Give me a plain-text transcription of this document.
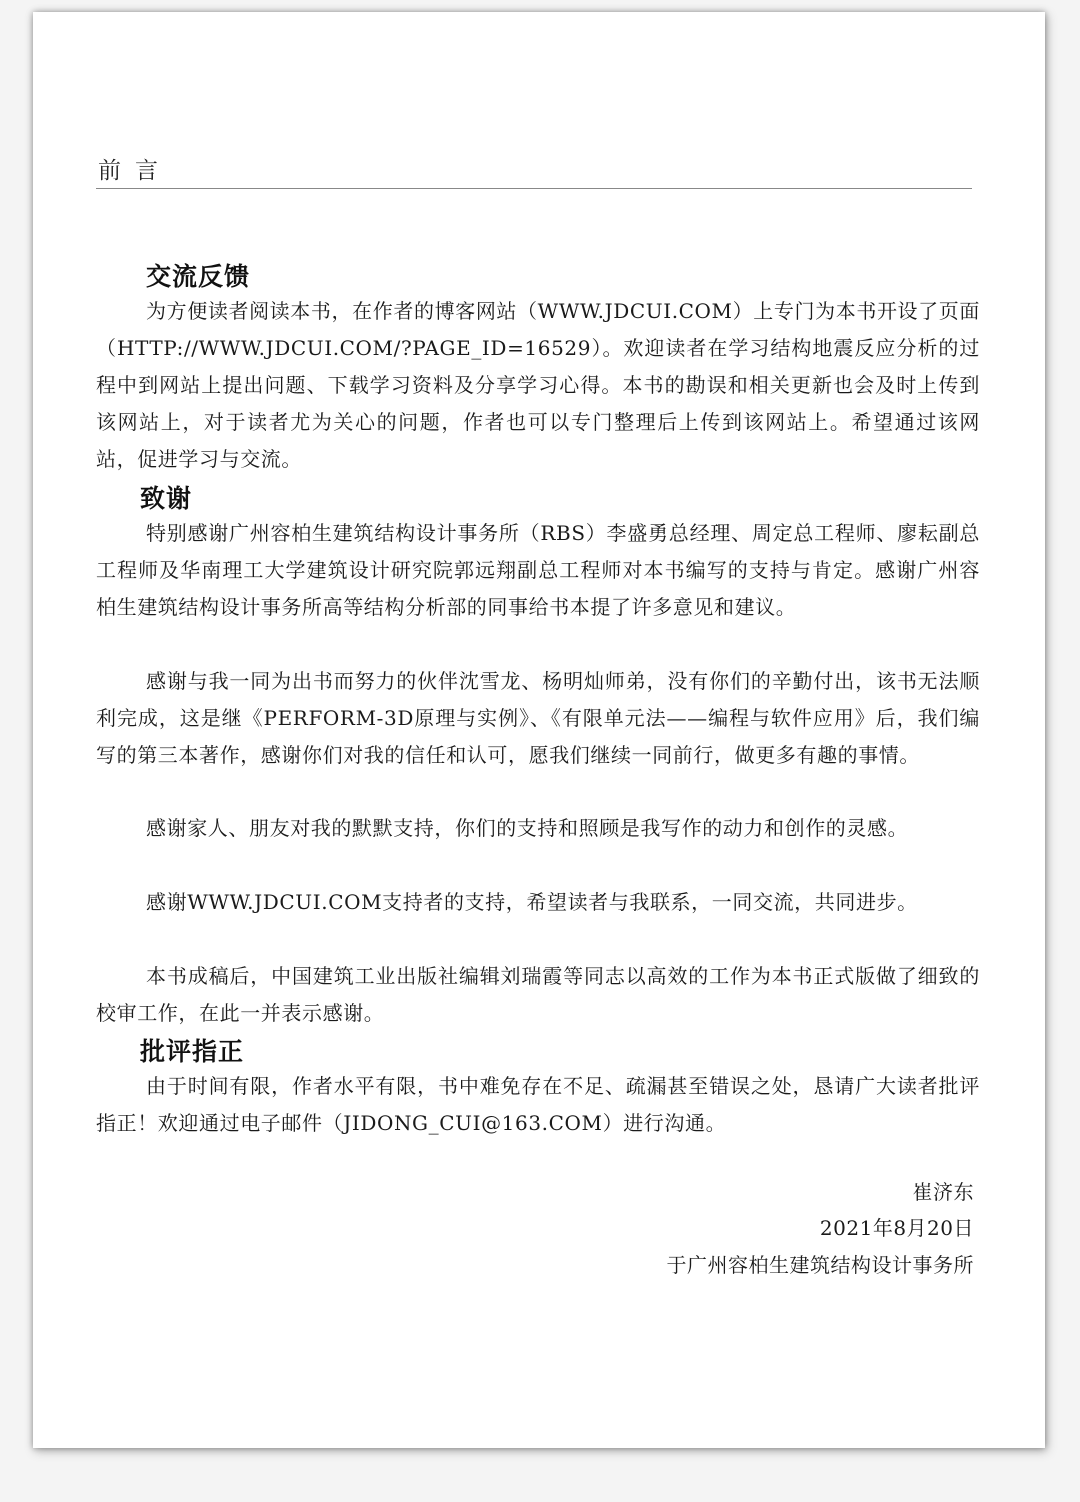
前言
交流反馈

为方便读者阅读本书，在作者的博客网站（WWW.JDCUI.COM）上专门为本书开设了页面（HTTP://WWW.JDCUI.COM/?PAGE_ID=16529）。欢迎读者在学习结构地震反应分析的过程中到网站上提出问题、下载学习资料及分享学习心得。本书的勘误和相关更新也会及时上传到该网站上，对于读者尤为关心的问题，作者也可以专门整理后上传到该网站上。希望通过该网站，促进学习与交流。

致谢

特别感谢广州容柏生建筑结构设计事务所（RBS）李盛勇总经理、周定总工程师、廖耘副总工程师及华南理工大学建筑设计研究院郭远翔副总工程师对本书编写的支持与肯定。感谢广州容柏生建筑结构设计事务所高等结构分析部的同事给书本提了许多意见和建议。

感谢与我一同为出书而努力的伙伴沈雪龙、杨明灿师弟，没有你们的辛勤付出，该书无法顺利完成，这是继《PERFORM-3D原理与实例》、《有限单元法——编程与软件应用》后，我们编写的第三本著作，感谢你们对我的信任和认可，愿我们继续一同前行，做更多有趣的事情。

感谢家人、朋友对我的默默支持，你们的支持和照顾是我写作的动力和创作的灵感。

感谢WWW.JDCUI.COM支持者的支持，希望读者与我联系，一同交流，共同进步。

本书成稿后，中国建筑工业出版社编辑刘瑞霞等同志以高效的工作为本书正式版做了细致的校审工作，在此一并表示感谢。

批评指正

由于时间有限，作者水平有限，书中难免存在不足、疏漏甚至错误之处，恳请广大读者批评指正！欢迎通过电子邮件（JIDONG_CUI@163.COM）进行沟通。

崔济东
2021年8月20日
于广州容柏生建筑结构设计事务所
